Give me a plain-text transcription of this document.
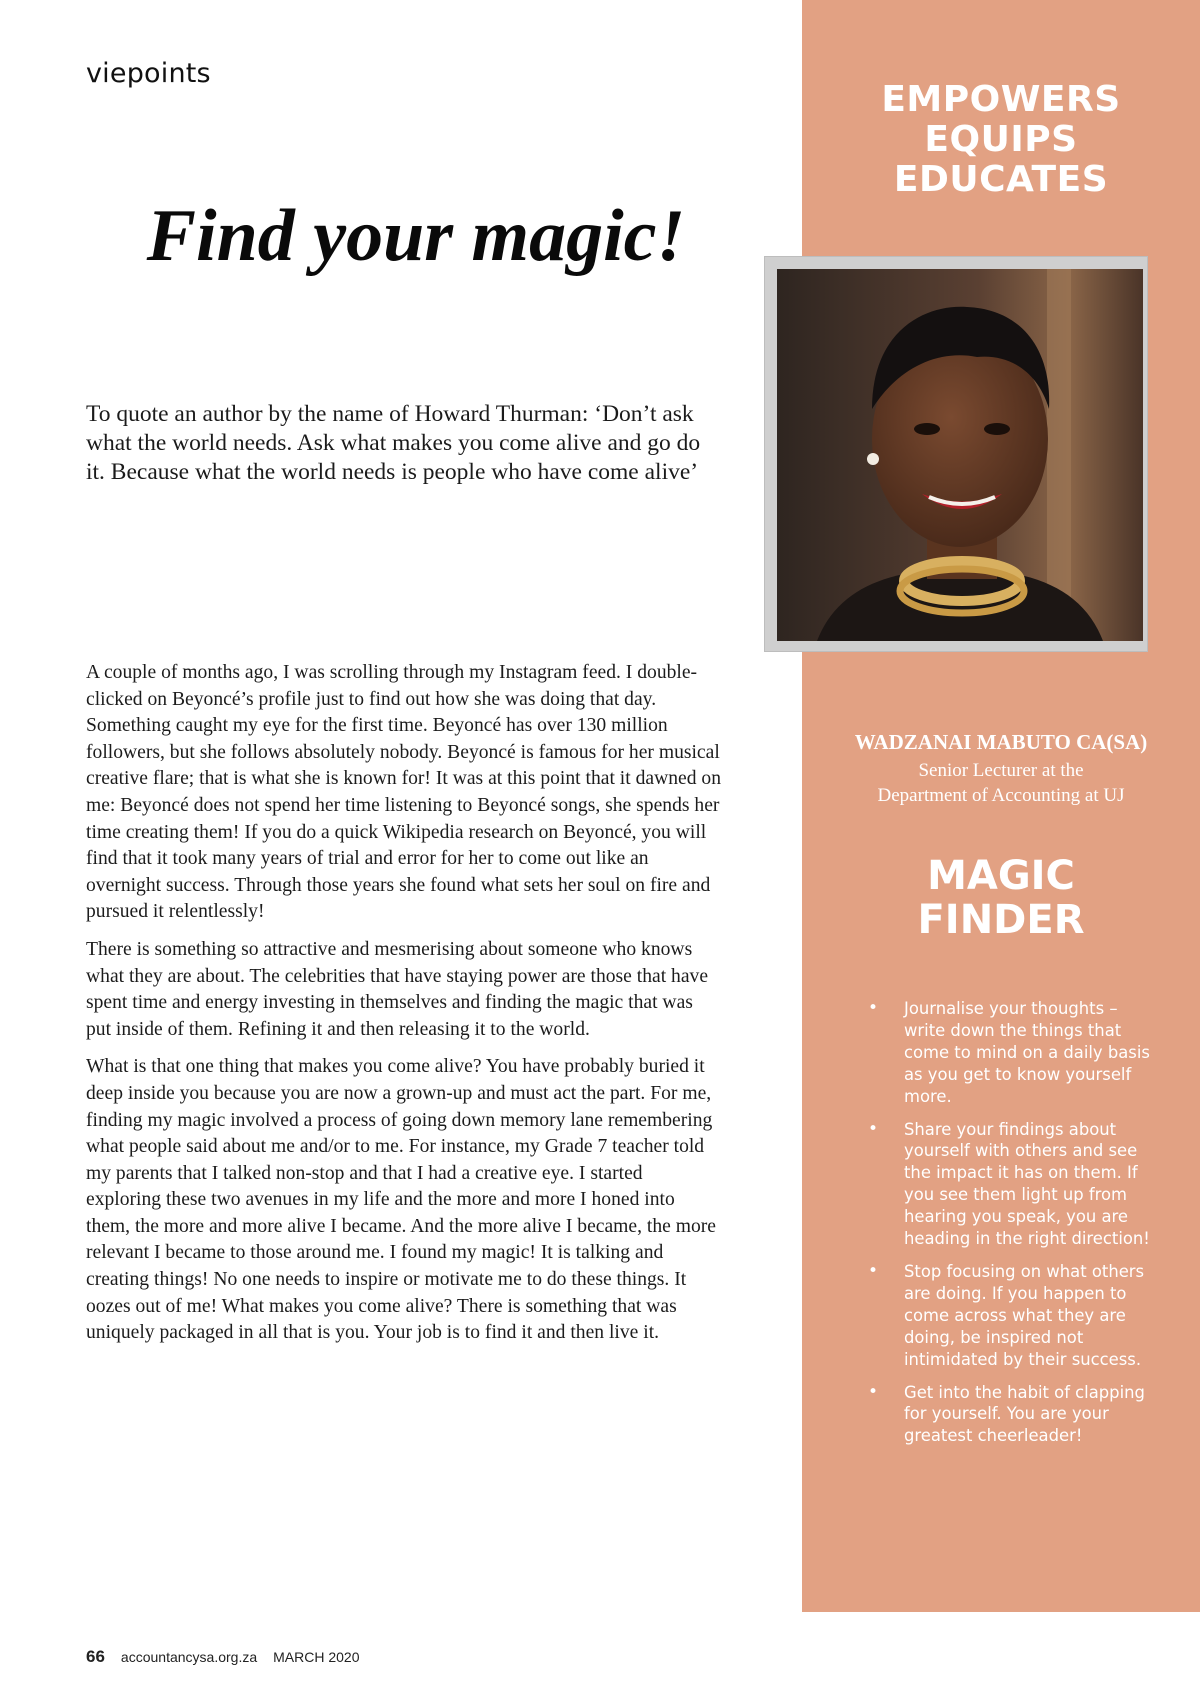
viepoints
Find your magic!

To quote an author by the name of Howard Thurman: ‘Don’t ask what the world needs. Ask what makes you come alive and go do it. Because what the world needs is people who have come alive’

A couple of months ago, I was scrolling through my Instagram feed. I double-clicked on Beyoncé’s profile just to find out how she was doing that day. Something caught my eye for the first time. Beyoncé has over 130 million followers, but she follows absolutely nobody. Beyoncé is famous for her musical creative flare; that is what she is known for! It was at this point that it dawned on me: Beyoncé does not spend her time listening to Beyoncé songs, she spends her time creating them! If you do a quick Wikipedia research on Beyoncé, you will find that it took many years of trial and error for her to come out like an overnight success. Through those years she found what sets her soul on fire and pursued it relentlessly!

There is something so attractive and mesmerising about someone who knows what they are about. The celebrities that have staying power are those that have spent time and energy investing in themselves and finding the magic that was put inside of them. Refining it and then releasing it to the world.

What is that one thing that makes you come alive? You have probably buried it deep inside you because you are now a grown-up and must act the part. For me, finding my magic involved a process of going down memory lane remembering what people said about me and/or to me. For instance, my Grade 7 teacher told my parents that I talked non-stop and that I had a creative eye. I started exploring these two avenues in my life and the more and more I honed into them, the more and more alive I became. And the more alive I became, the more relevant I became to those around me. I found my magic! It is talking and creating things! No one needs to inspire or motivate me to do these things. It oozes out of me! What makes you come alive? There is something that was uniquely packaged in all that is you. Your job is to find it and then live it.

EMPOWERS
EQUIPS
EDUCATES
WADZANAI MABUTO CA(SA)
Senior Lecturer at the
Department of Accounting at UJ
MAGIC
FINDER
• Journalise your thoughts – write down the things that come to mind on a daily basis as you get to know yourself more.
• Share your findings about yourself with others and see the impact it has on them. If you see them light up from hearing you speak, you are heading in the right direction!
• Stop focusing on what others are doing. If you happen to come across what they are doing, be inspired not intimidated by their success.
• Get into the habit of clapping for yourself. You are your greatest cheerleader!
66 accountancysa.org.za MARCH 2020
